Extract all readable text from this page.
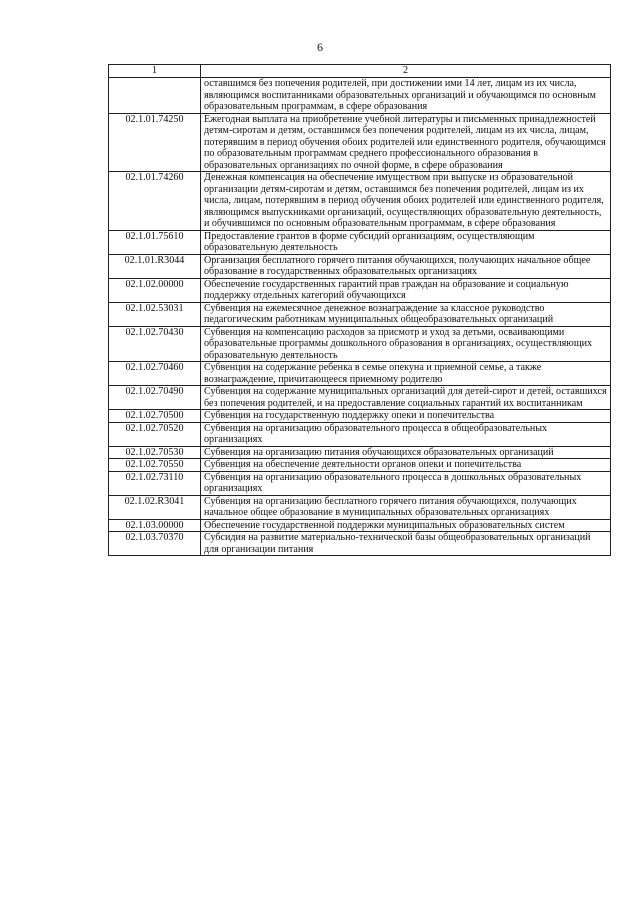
6
1	2
	оставшимся без попечения родителей, при достижении ими 14 лет, лицам из их числа, являющимся воспитанниками образовательных организаций и обучающимся по основным образовательным программам, в сфере образования
02.1.01.74250	Ежегодная выплата на приобретение учебной литературы и письменных принадлежностей детям-сиротам и детям, оставшимся без попечения родителей, лицам из их числа, лицам, потерявшим в период обучения обоих родителей или единственного родителя, обучающимся по образовательным программам среднего профессионального образования в образовательных организациях по очной форме, в сфере образования
02.1.01.74260	Денежная компенсация на обеспечение имуществом при выпуске из образовательной организации детям-сиротам и детям, оставшимся без попечения родителей, лицам из их числа, лицам, потерявшим в период обучения обоих родителей или единственного родителя, являющимся выпускниками организаций, осуществляющих образовательную деятельность, и обучившимся по основным образовательным программам, в сфере образования
02.1.01.75610	Предоставление грантов в форме субсидий организациям, осуществляющим образовательную деятельность
02.1.01.R3044	Организация бесплатного горячего питания обучающихся, получающих начальное общее образование в государственных образовательных организациях
02.1.02.00000	Обеспечение государственных гарантий прав граждан на образование и социальную поддержку отдельных категорий обучающихся
02.1.02.53031	Субвенция на ежемесячное денежное вознаграждение за классное руководство педагогическим работникам муниципальных общеобразовательных организаций
02.1.02.70430	Субвенция на компенсацию расходов за присмотр и уход за детьми, осваивающими образовательные программы дошкольного образования в организациях, осуществляющих образовательную деятельность
02.1.02.70460	Субвенция на содержание ребенка в семье опекуна и приемной семье, а также вознаграждение, причитающееся приемному родителю
02.1.02.70490	Субвенция на содержание муниципальных организаций для детей-сирот и детей, оставшихся без попечения родителей, и на предоставление социальных гарантий их воспитанникам
02.1.02.70500	Субвенция на государственную поддержку опеки и попечительства
02.1.02.70520	Субвенция на организацию образовательного процесса в общеобразовательных организациях
02.1.02.70530	Субвенция на организацию питания обучающихся образовательных организаций
02.1.02.70550	Субвенция на обеспечение деятельности органов опеки и попечительства
02.1.02.73110	Субвенция на организацию образовательного процесса в дошкольных образовательных организациях
02.1.02.R3041	Субвенция на организацию бесплатного горячего питания обучающихся, получающих начальное общее образование в муниципальных образовательных организациях
02.1.03.00000	Обеспечение государственной поддержки муниципальных образовательных систем
02.1.03.70370	Субсидия на развитие материально-технической базы общеобразовательных организаций для организации питания
